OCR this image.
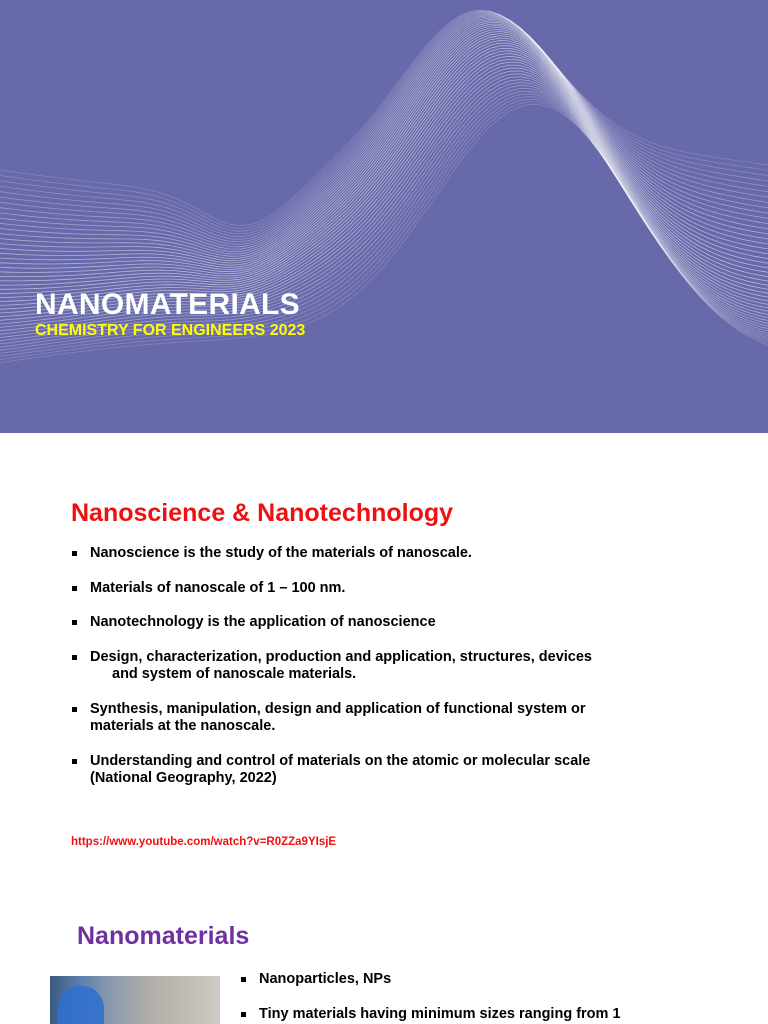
NANOMATERIALS
CHEMISTRY FOR ENGINEERS 2023
Nanoscience & Nanotechnology
Nanoscience is the study of the materials of nanoscale.
Materials of nanoscale of 1 – 100 nm.
Nanotechnology is the application of nanoscience
Design, characterization, production and application, structures, devices
and system of nanoscale materials.
Synthesis, manipulation, design and application of functional system or
materials at the nanoscale.
Understanding and control of materials on the atomic or molecular scale
(National Geography, 2022)
https://www.youtube.com/watch?v=R0ZZa9YIsjE
Nanomaterials
Nanoparticles, NPs
Tiny materials having minimum sizes ranging from 1
